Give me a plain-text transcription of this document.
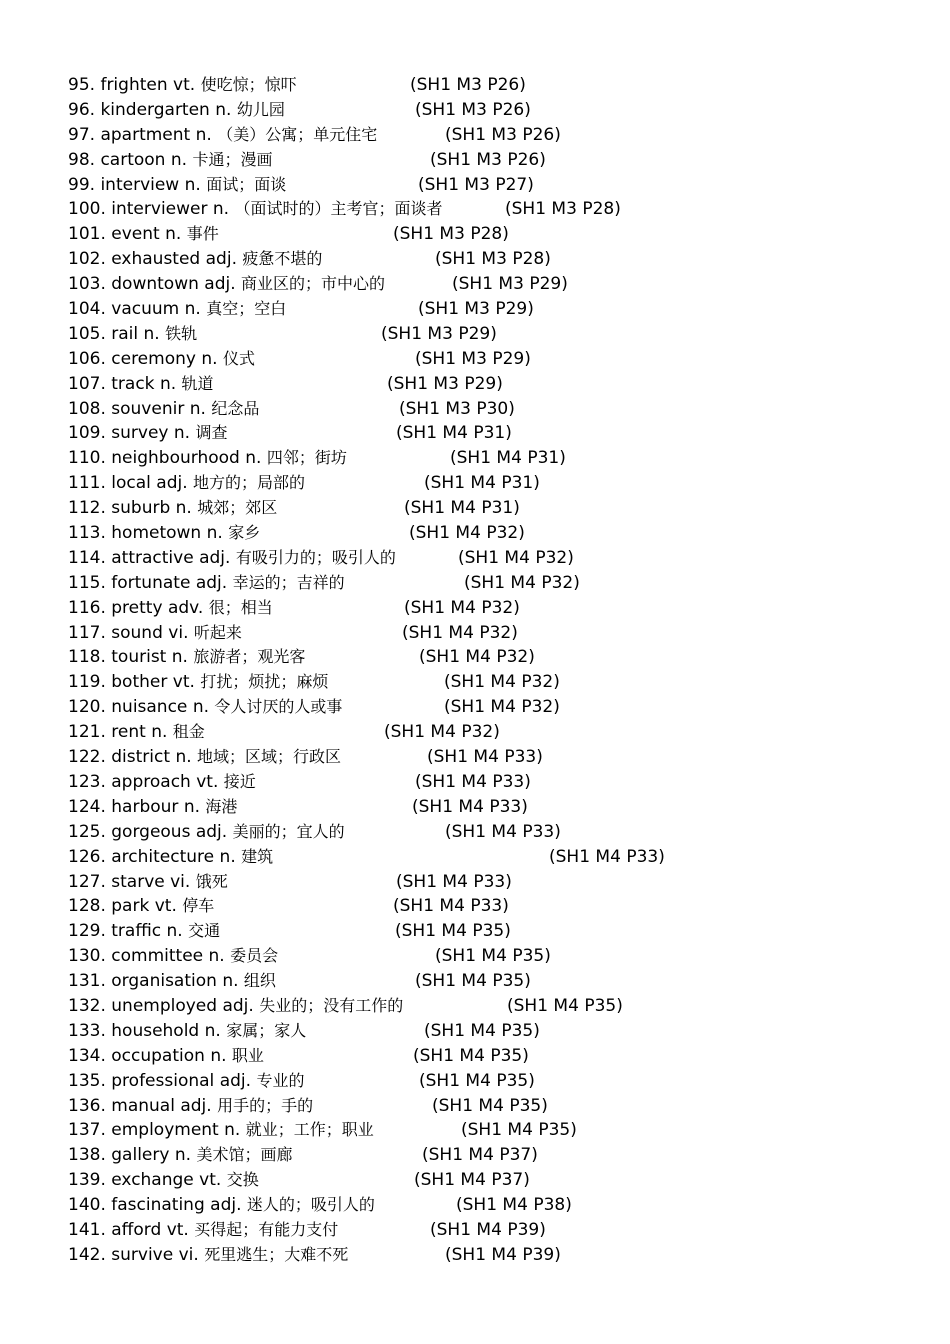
95. frighten vt. 使吃惊；惊吓	(SH1 M3 P26)
96. kindergarten n. 幼儿园	(SH1 M3 P26)
97. apartment n. （美）公寓；单元住宅	(SH1 M3 P26)
98. cartoon n. 卡通；漫画	(SH1 M3 P26)
99. interview n. 面试；面谈	(SH1 M3 P27)
100. interviewer n. （面试时的）主考官；面谈者	(SH1 M3 P28)
101. event n. 事件	(SH1 M3 P28)
102. exhausted adj. 疲惫不堪的	(SH1 M3 P28)
103. downtown adj. 商业区的；市中心的	(SH1 M3 P29)
104. vacuum n. 真空；空白	(SH1 M3 P29)
105. rail n. 铁轨	(SH1 M3 P29)
106. ceremony n. 仪式	(SH1 M3 P29)
107. track n. 轨道	(SH1 M3 P29)
108. souvenir n. 纪念品	(SH1 M3 P30)
109. survey n. 调查	(SH1 M4 P31)
110. neighbourhood n. 四邻；街坊	(SH1 M4 P31)
111. local adj. 地方的；局部的	(SH1 M4 P31)
112. suburb n. 城郊；郊区	(SH1 M4 P31)
113. hometown n. 家乡	(SH1 M4 P32)
114. attractive adj. 有吸引力的；吸引人的	(SH1 M4 P32)
115. fortunate adj. 幸运的；吉祥的	(SH1 M4 P32)
116. pretty adv. 很；相当	(SH1 M4 P32)
117. sound vi. 听起来	(SH1 M4 P32)
118. tourist n. 旅游者；观光客	(SH1 M4 P32)
119. bother vt. 打扰；烦扰；麻烦	(SH1 M4 P32)
120. nuisance n. 令人讨厌的人或事	(SH1 M4 P32)
121. rent n. 租金	(SH1 M4 P32)
122. district n. 地域；区域；行政区	(SH1 M4 P33)
123. approach vt. 接近	(SH1 M4 P33)
124. harbour n. 海港	(SH1 M4 P33)
125. gorgeous adj. 美丽的；宜人的	(SH1 M4 P33)
126. architecture n. 建筑	(SH1 M4 P33)
127. starve vi. 饿死	(SH1 M4 P33)
128. park vt. 停车	(SH1 M4 P33)
129. traffic n. 交通	(SH1 M4 P35)
130. committee n. 委员会	(SH1 M4 P35)
131. organisation n. 组织	(SH1 M4 P35)
132. unemployed adj. 失业的；没有工作的	(SH1 M4 P35)
133. household n. 家属；家人	(SH1 M4 P35)
134. occupation n. 职业	(SH1 M4 P35)
135. professional adj. 专业的	(SH1 M4 P35)
136. manual adj. 用手的；手的	(SH1 M4 P35)
137. employment n. 就业；工作；职业	(SH1 M4 P35)
138. gallery n. 美术馆；画廊	(SH1 M4 P37)
139. exchange vt. 交换	(SH1 M4 P37)
140. fascinating adj. 迷人的；吸引人的	(SH1 M4 P38)
141. afford vt. 买得起；有能力支付	(SH1 M4 P39)
142. survive vi. 死里逃生；大难不死	(SH1 M4 P39)
